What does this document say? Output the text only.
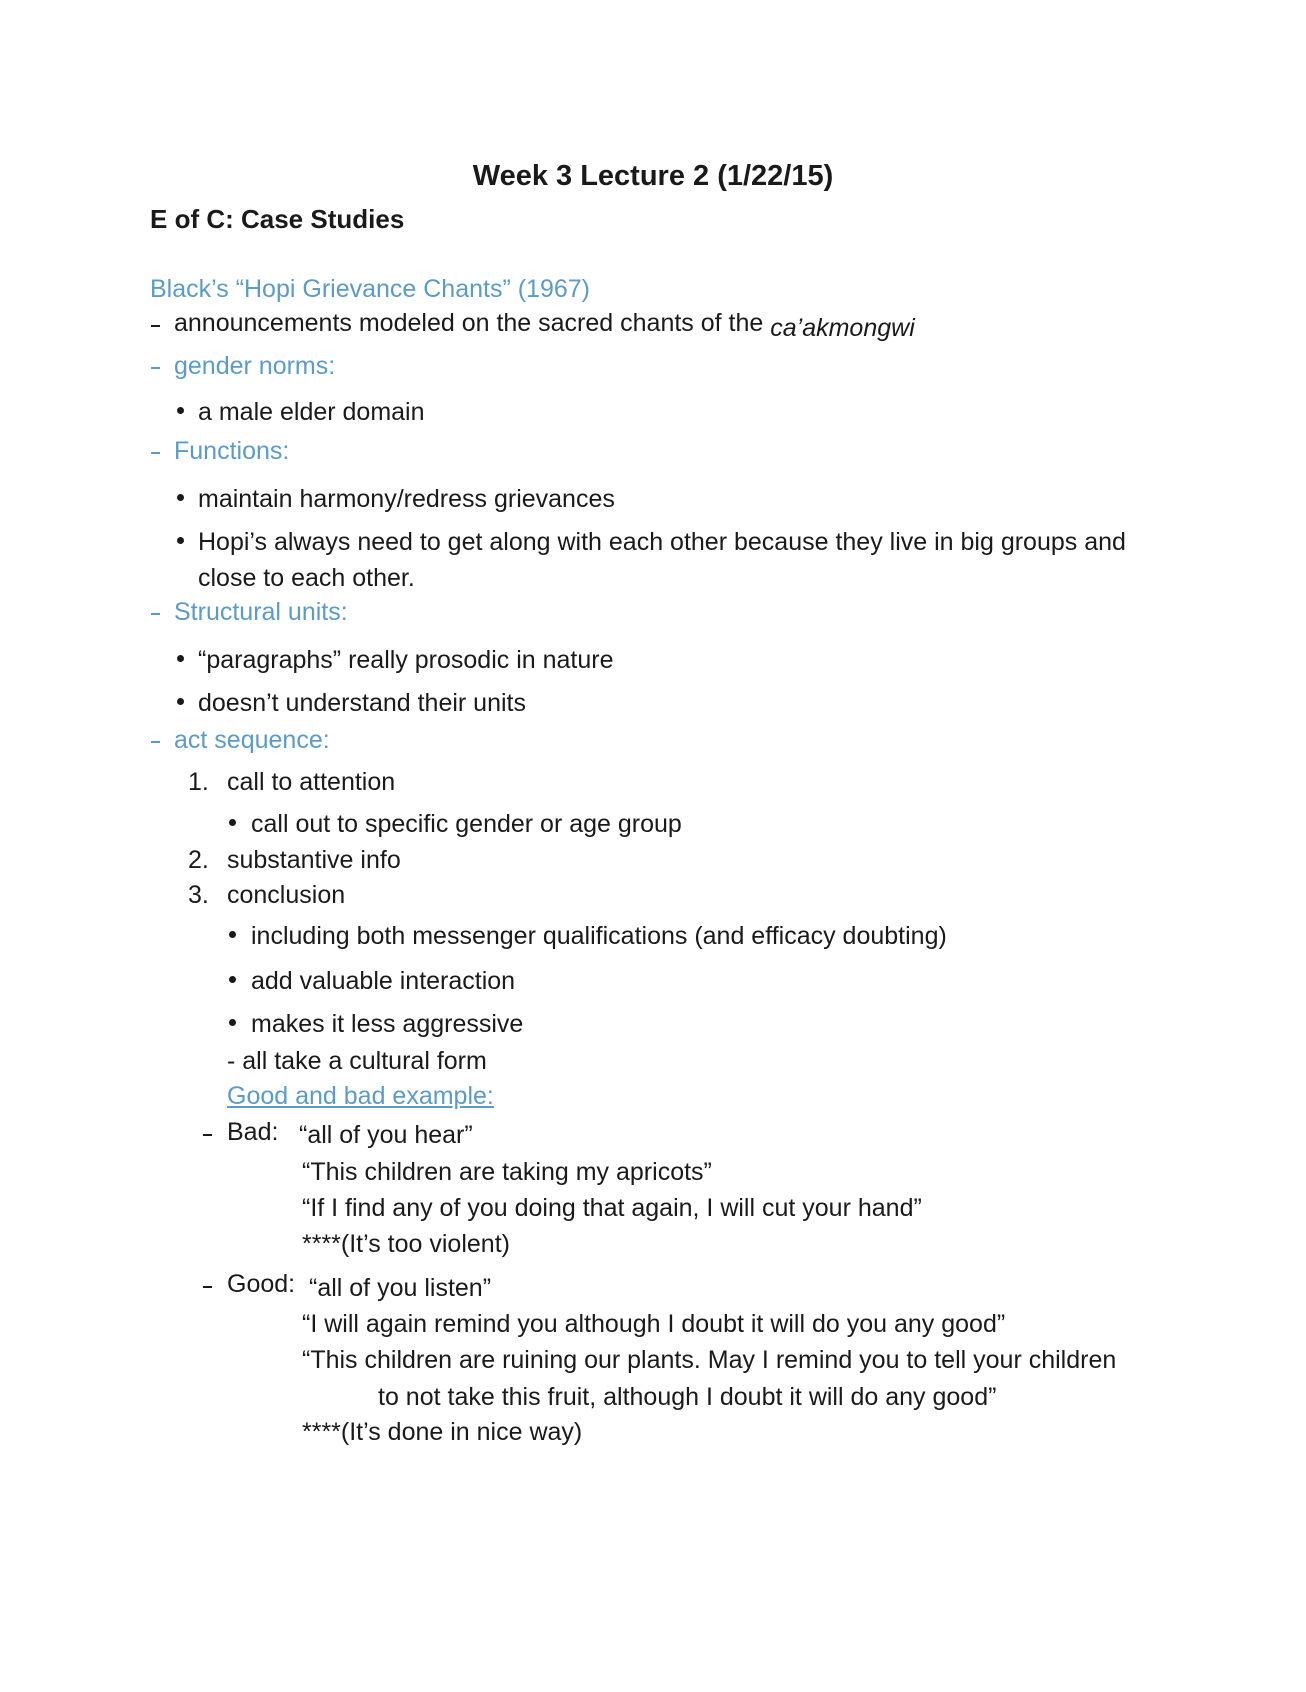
Week 3 Lecture 2 (1/22/15)
E of C: Case Studies
Black’s “Hopi Grievance Chants” (1967)
announcements modeled on the sacred chants of the ca’akmongwi
gender norms:
a male elder domain
Functions:
maintain harmony/redress grievances
Hopi’s always need to get along with each other because they live in big groups and
close to each other.
Structural units:
“paragraphs” really prosodic in nature
doesn’t understand their units
act sequence:
1. call to attention
call out to specific gender or age group
2. substantive info
3. conclusion
including both messenger qualifications (and efficacy doubting)
add valuable interaction
makes it less aggressive
- all take a cultural form
Good and bad example:
Bad: “all of you hear”
“This children are taking my apricots”
“If I find any of you doing that again, I will cut your hand”
****(It’s too violent)
Good: “all of you listen”
“I will again remind you although I doubt it will do you any good”
“This children are ruining our plants. May I remind you to tell your children
to not take this fruit, although I doubt it will do any good”
****(It’s done in nice way)
